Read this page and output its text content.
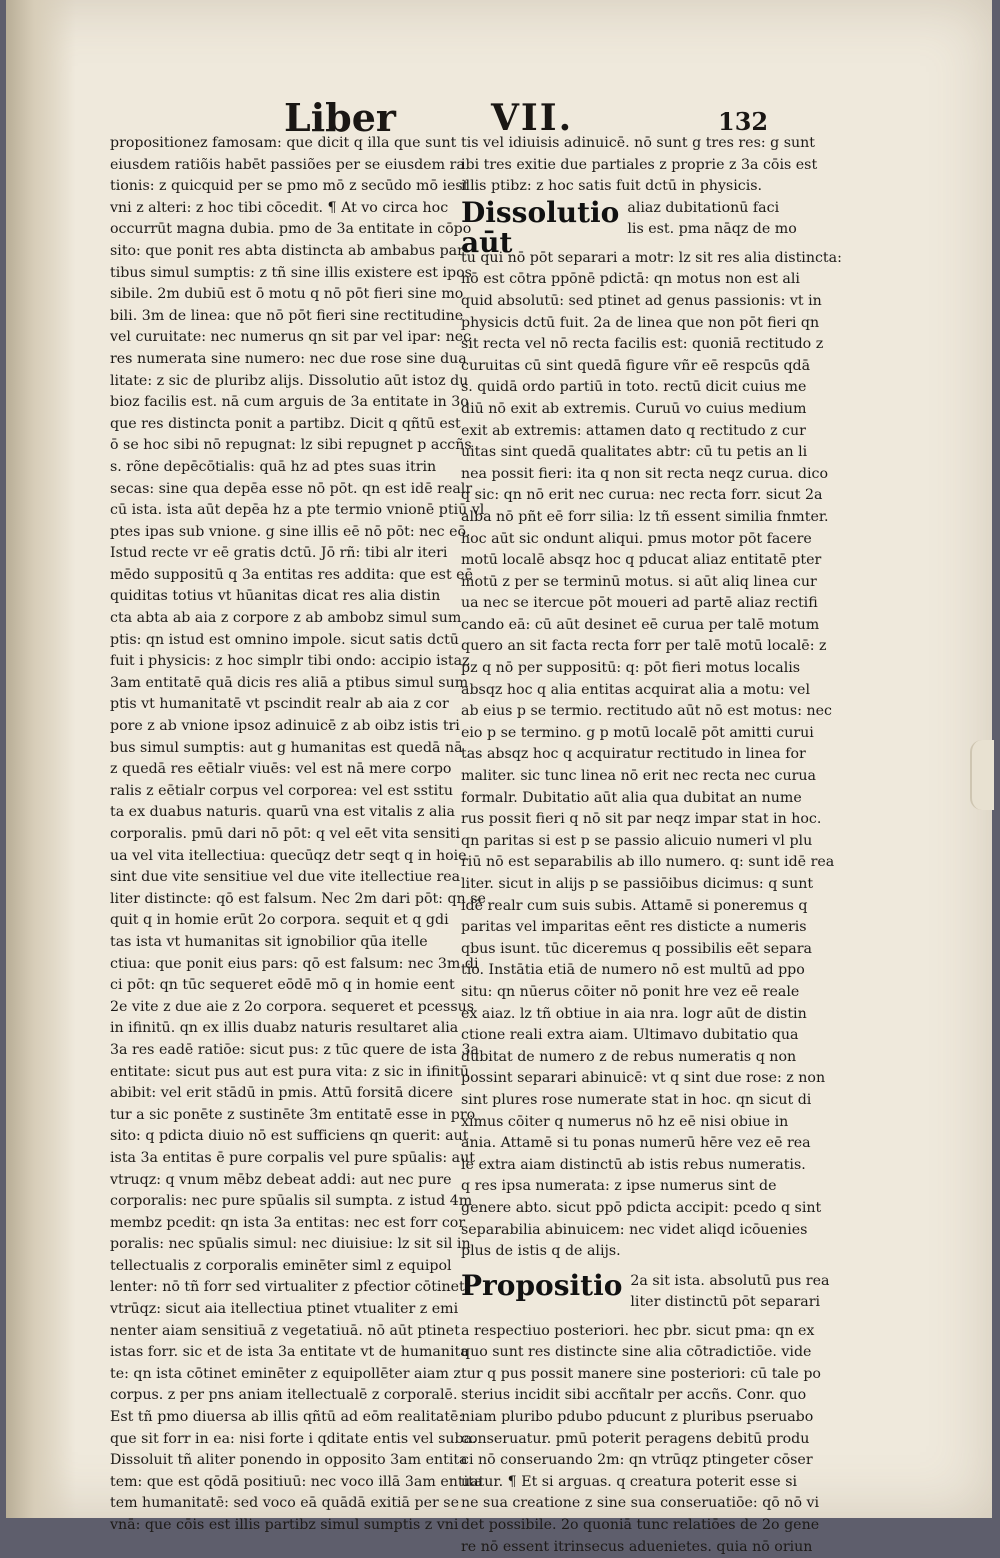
Liber	VII.	132
propositionez famosam: que dicit q illa que sunt
eiusdem ratiõis habēt passiões per se eiusdem ra
tionis: z quicquid per se pmo mō z secūdo mō iest
vni z alteri: z hoc tibi cōcedit. ¶ At vo circa hoc
occurrūt magna dubia. pmo de 3a entitate in cōpo
sito: que ponit res abta distincta ab ambabus par
tibus simul sumptis: z tñ sine illis existere est ipos
sibile. 2m dubiū est ō motu q nō pōt fieri sine mo
bili. 3m de linea: que nō pōt fieri sine rectitudine
vel curuitate: nec numerus qn sit par vel ipar: nec
res numerata sine numero: nec due rose sine dua
litate: z sic de pluribz alijs. Dissolutio aūt istoz du
bioz facilis est. nā cum arguis de 3a entitate in 3o
que res distincta ponit a partibz. Dicit q qñtū est
ō se hoc sibi nō repugnat: lz sibi repugnet p accñs
s. rõne depēcōtialis: quā hz ad ptes suas itrin
secas: sine qua depēa esse nō pōt. qn est idē realr
cū ista. ista aūt depēa hz a pte termio vnionē ptiū vl
ptes ipas sub vnione. g sine illis eē nō pōt: nec eō.
Istud recte vr eē gratis dctū. Jō rñ: tibi alr iteri
mēdo suppositū q 3a entitas res addita: que est eē
quiditas totius vt hūanitas dicat res alia distin
cta abta ab aia z corpore z ab ambobz simul sum
ptis: qn istud est omnino impole. sicut satis dctū
fuit i physicis: z hoc simplr tibi ondo: accipio istaz
3am entitatē quā dicis res aliā a ptibus simul sum
ptis vt humanitatē vt pscindit realr ab aia z cor
pore z ab vnione ipsoz adinuicē z ab oibz istis tri
bus simul sumptis: aut g humanitas est quedā nā
z quedā res eētialr viuēs: vel est nā mere corpo
ralis z eētialr corpus vel corporea: vel est sstitu
ta ex duabus naturis. quarū vna est vitalis z alia
corporalis. pmū dari nō pōt: q vel eēt vita sensiti
ua vel vita itellectiua: quecūqz detr seqt q in hoie
sint due vite sensitiue vel due vite itellectiue rea
liter distincte: qō est falsum. Nec 2m dari pōt: qn se
quit q in homie erūt 2o corpora. sequit et q gdi
tas ista vt humanitas sit ignobilior qūa itelle
ctiua: que ponit eius pars: qō est falsum: nec 3m di
ci pōt: qn tūc sequeret eōdē mō q in homie eent
2e vite z due aie z 2o corpora. sequeret et pcessus
in ifinitū. qn ex illis duabz naturis resultaret alia
3a res eadē ratiōe: sicut pus: z tūc quere de ista 3a
entitate: sicut pus aut est pura vita: z sic in ifinitū
abibit: vel erit stādū in pmis. Attū forsitā dicere
tur a sic ponēte z sustinēte 3m entitatē esse in pro
sito: q pdicta diuio nō est sufficiens qn querit: aut
ista 3a entitas ē pure corpalis vel pure spūalis: aut
vtruqz: q vnum mēbz debeat addi: aut nec pure
corporalis: nec pure spūalis sil sumpta. z istud 4m
membz pcedit: qn ista 3a entitas: nec est forr cor
poralis: nec spūalis simul: nec diuisiue: lz sit sil in
tellectualis z corporalis eminēter siml z equipol
lenter: nō tñ forr sed virtualiter z pfectior cōtinet
vtrūqz: sicut aia itellectiua ptinet vtualiter z emi
nenter aiam sensitiuā z vegetatiuā. nō aūt ptinet
istas forr. sic et de ista 3a entitate vt de humanita
te: qn ista cōtinet eminēter z equipollēter aiam z
corpus. z per pns aniam itellectualē z corporalē.
Est tñ pmo diuersa ab illis qñtū ad eōm realitatē:
que sit forr in ea: nisi forte i qditate entis vel suba.
Dissoluit tñ aliter ponendo in opposito 3am entita
tem: que est qōdā positiuū: nec voco illā 3am entita
tem humanitatē: sed voco eā quādā exitiā per se
vnā: que cōis est illis partibz simul sumptis z vni
tis vel idiuisis adinuicē. nō sunt g tres res: g sunt
ibi tres exitie due partiales z proprie z 3a cōis est
illis ptibz: z hoc satis fuit dctū in physicis.
Dissolutio aūt
aliaz dubitationū faci
lis est. pma nāqz de mo
tu qui nō pōt separari a motr: lz sit res alia distincta:
nō est cōtra ppōnē pdictā: qn motus non est ali
quid absolutū: sed ptinet ad genus passionis: vt in
physicis dctū fuit. 2a de linea que non pōt fieri qn
sit recta vel nō recta facilis est: quoniā rectitudo z
curuitas cū sint quedā figure vñr eē respcūs qdā
s. quidā ordo partiū in toto. rectū dicit cuius me
diū nō exit ab extremis. Curuū vo cuius medium
exit ab extremis: attamen dato q rectitudo z cur
uitas sint quedā qualitates abtr: cū tu petis an li
nea possit fieri: ita q non sit recta neqz curua. dico
q sic: qn nō erit nec curua: nec recta forr. sicut 2a
alba nō pñt eē forr silia: lz tñ essent similia fnmter.
hoc aūt sic ondunt aliqui. pmus motor pōt facere
motū localē absqz hoc q pducat aliaz entitatē pter
motū z per se terminū motus. si aūt aliq linea cur
ua nec se itercue pōt moueri ad partē aliaz rectifi
cando eā: cū aūt desinet eē curua per talē motum
quero an sit facta recta forr per talē motū localē: z
pz q nō per suppositū: q: pōt fieri motus localis
absqz hoc q alia entitas acquirat alia a motu: vel
ab eius p se termio. rectitudo aūt nō est motus: nec
eio p se termino. g p motū localē pōt amitti curui
tas absqz hoc q acquiratur rectitudo in linea for
maliter. sic tunc linea nō erit nec recta nec curua
formalr. Dubitatio aūt alia qua dubitat an nume
rus possit fieri q nō sit par neqz impar stat in hoc.
qn paritas si est p se passio alicuio numeri vl plu
riū nō est separabilis ab illo numero. q: sunt idē rea
liter. sicut in alijs p se passiōibus dicimus: q sunt
idē realr cum suis subis. Attamē si poneremus q
paritas vel imparitas eēnt res disticte a numeris
qbus isunt. tūc diceremus q possibilis eēt separa
tio. Instātia etiā de numero nō est multū ad ppo
situ: qn nūerus cōiter nō ponit hre vez eē reale
ex aiaz. lz tñ obtiue in aia nra. logr aūt de distin
ctione reali extra aiam. Ultimavo dubitatio qua
dubitat de numero z de rebus numeratis q non
possint separari abinuicē: vt q sint due rose: z non
sint plures rose numerate stat in hoc. qn sicut di
ximus cōiter q numerus nō hz eē nisi obiue in
ania. Attamē si tu ponas numerū hēre vez eē rea
le extra aiam distinctū ab istis rebus numeratis.
q res ipsa numerata: z ipse numerus sint de
genere abto. sicut ppō pdicta accipit: pcedo q sint
separabilia abinuicem: nec videt aliqd icōuenies
plus de istis q de alijs.
Propositio 2a sit ista. absolutū pus rea
liter distinctū pōt separari
a respectiuo posteriori. hec pbr. sicut pma: qn ex
quo sunt res distincte sine alia cōtradictiōe. vide
tur q pus possit manere sine posteriori: cū tale po
sterius incidit sibi accñtalr per accñs. Conr. quo
niam pluribo pdubo pducunt z pluribus pseruabo
conseruatur. pmū poterit peragens debitū produ
ci nō conseruando 2m: qn vtrūqz ptingeter cōser
uatur. ¶ Et si arguas. q creatura poterit esse si
ne sua creatione z sine sua conseruatiōe: qō nō vi
det possibile. 2o quoniā tunc relatiōes de 2o gene
re nō essent itrinsecus aduenietes. quia nō oriun
